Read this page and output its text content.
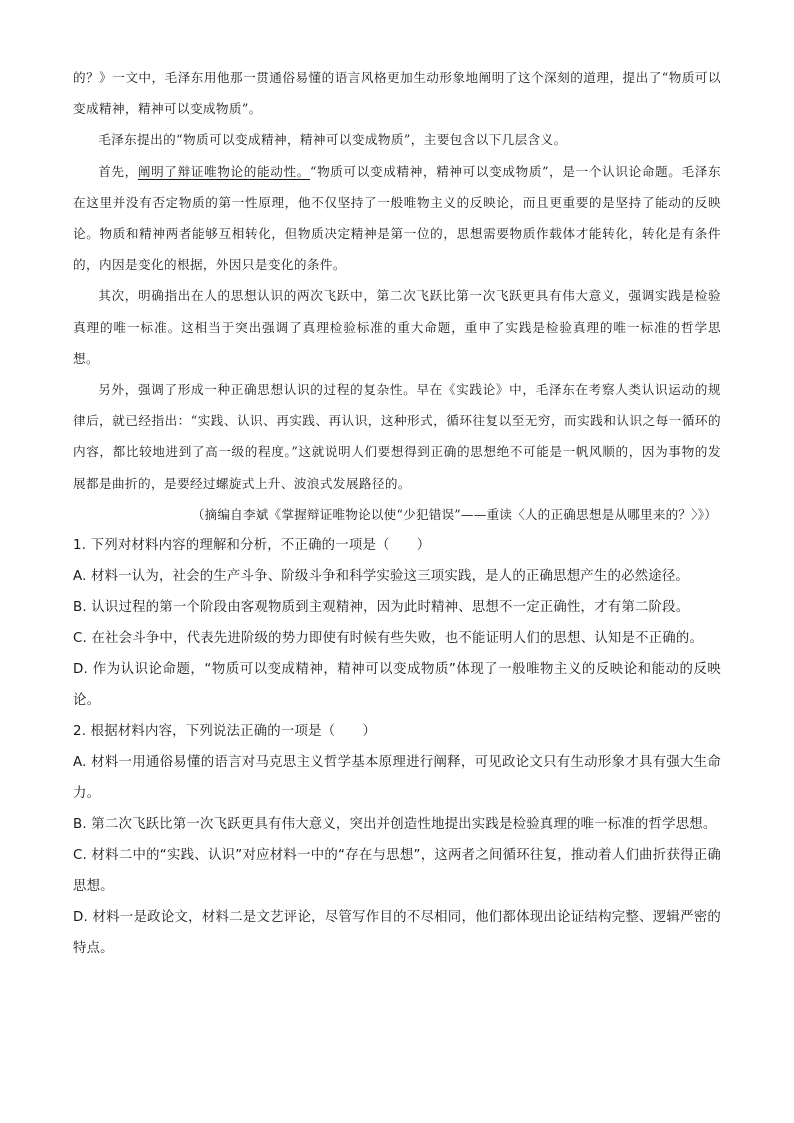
的？》一文中，毛泽东用他那一贯通俗易懂的语言风格更加生动形象地阐明了这个深刻的道理，提出了“物质可以变成精神，精神可以变成物质”。

毛泽东提出的“物质可以变成精神，精神可以变成物质”，主要包含以下几层含义。

首先，阐明了辩证唯物论的能动性。“物质可以变成精神，精神可以变成物质”，是一个认识论命题。毛泽东在这里并没有否定物质的第一性原理，他不仅坚持了一般唯物主义的反映论，而且更重要的是坚持了能动的反映论。物质和精神两者能够互相转化，但物质决定精神是第一位的，思想需要物质作载体才能转化，转化是有条件的，内因是变化的根据，外因只是变化的条件。

其次，明确指出在人的思想认识的两次飞跃中，第二次飞跃比第一次飞跃更具有伟大意义，强调实践是检验真理的唯一标准。这相当于突出强调了真理检验标准的重大命题，重申了实践是检验真理的唯一标准的哲学思想。

另外，强调了形成一种正确思想认识的过程的复杂性。早在《实践论》中，毛泽东在考察人类认识运动的规律后，就已经指出：“实践、认识、再实践、再认识，这种形式，循环往复以至无穷，而实践和认识之每一循环的内容，都比较地进到了高一级的程度。”这就说明人们要想得到正确的思想绝不可能是一帆风顺的，因为事物的发展都是曲折的，是要经过螺旋式上升、波浪式发展路径的。

（摘编自李斌《掌握辩证唯物论以使“少犯错误”——重读〈人的正确思想是从哪里来的？〉》）

1. 下列对材料内容的理解和分析，不正确的一项是（　　）

A. 材料一认为，社会的生产斗争、阶级斗争和科学实验这三项实践，是人的正确思想产生的必然途径。

B. 认识过程的第一个阶段由客观物质到主观精神，因为此时精神、思想不一定正确性，才有第二阶段。

C. 在社会斗争中，代表先进阶级的势力即使有时候有些失败，也不能证明人们的思想、认知是不正确的。

D. 作为认识论命题，“物质可以变成精神，精神可以变成物质”体现了一般唯物主义的反映论和能动的反映论。

2. 根据材料内容，下列说法正确的一项是（　　）

A. 材料一用通俗易懂的语言对马克思主义哲学基本原理进行阐释，可见政论文只有生动形象才具有强大生命力。

B. 第二次飞跃比第一次飞跃更具有伟大意义，突出并创造性地提出实践是检验真理的唯一标准的哲学思想。

C. 材料二中的“实践、认识”对应材料一中的“存在与思想”，这两者之间循环往复，推动着人们曲折获得正确思想。

D. 材料一是政论文，材料二是文艺评论，尽管写作目的不尽相同，他们都体现出论证结构完整、逻辑严密的特点。
